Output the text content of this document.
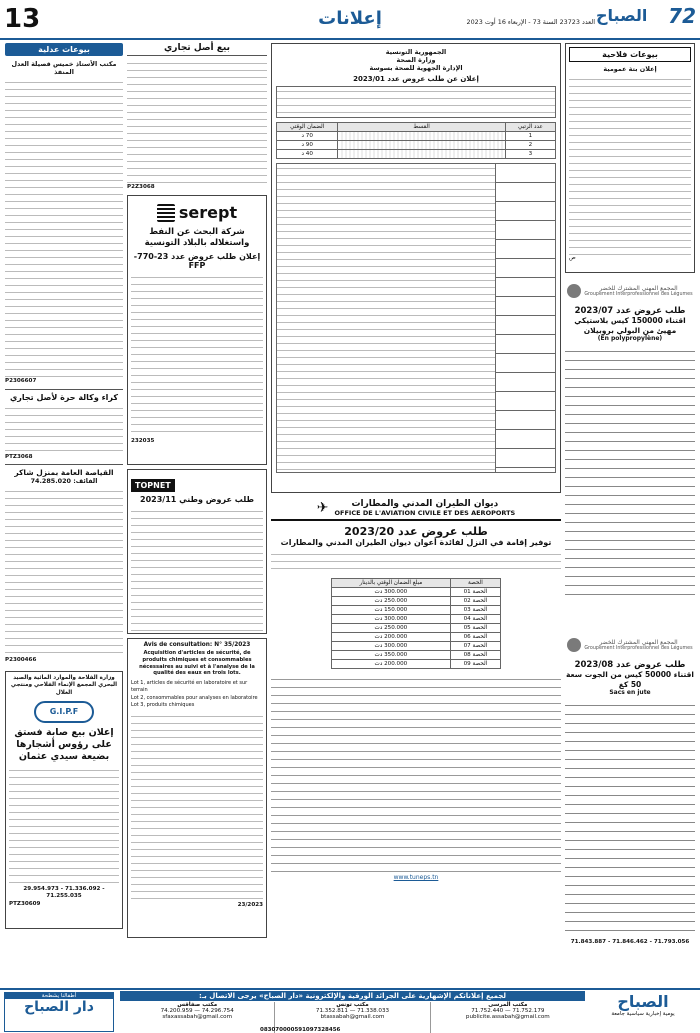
13	إعلانات	العدد 23723 السنة 73 - الإربعاء 16 أوت 2023	72
الصباح
بيوعات عدلية
مكتب الأستاذ خميس قصيلة العدل المنفذ
P2306607
كراء وكالة حرة لأصل تجاري
PTZ3068
القياصة العامة بمنزل شاكر
الفائف: 74.285.020
P2300466
وزارة الفلاحة والموارد المائية والصيد البحري المجمع الإنماء الفلاحي ومنتجي الغلال
G.I.P.F
إعلان بيع صابة فستق على رؤوس أشجارها بضيعة سيدي عثمان
29.954.973 - 71.336.092 - 71.255.035
PTZ30609
بيع أصل تجاري
P2Z3068
serept
شركة البحث عن النفط واستغلاله بالبلاد التونسية
إعلان طلب عروض عدد 23-770-FFP
232035
TOPNET
طلب عروض وطني 2023/11
Avis de consultation: N° 35/2023
Acquisition d'articles de sécurité, de produits chimiques et consommables nécessaires au suivi et à l'analyse de la qualité des eaux en trois lots.
Lot 1, articles de sécurité en laboratoire et sur terrain
Lot 2, consommables pour analyses en laboratoire
Lot 3, produits chimiques
23/2023
الجمهورية التونسية
وزارة الصحة
الإدارة الجهوية للصحة بسوسة
إعلان عن طلب عروض عدد 2023/01
عدد الرتبي	القسط	الضمان الوقتي
1		70 د
2		90 د
3		40 د
✈	ديوان الطيران المدني والمطارات
OFFICE DE L'AVIATION CIVILE ET DES AEROPORTS
طلب عروض عدد 2023/20
توفير إقامة في النزل لفائدة أعوان ديوان الطيران المدني والمطارات
الحصة	مبلغ الضمان الوقتي بالدينار
الحصة 01	300.000 دت
الحصة 02	250.000 دت
الحصة 03	150.000 دت
الحصة 04	300.000 دت
الحصة 05	250.000 دت
الحصة 06	200.000 دت
الحصة 07	300.000 دت
الحصة 08	350.000 دت
الحصة 09	200.000 دت
www.tuneps.tn
بيوعات فلاحية
إعلان بتة عمومية
ص
المجمع المهني المشترك للخضر
Groupement Interprofessionnel des Légumes
طلب عروض عدد 2023/07
اقتناء 150000 كيس بلاستيكي مهيئ من البولي بروبيلان
(En polypropylène)
المجمع المهني المشترك للخضر
Groupement Interprofessionnel des Légumes
طلب عروض عدد 2023/08
اقتناء 50000 كيس من الجوت سعة 50 كغ
Sacs en jute
71.843.887 - 71.846.462 - 71.793.056
لجميع إعلاناتكم الإشهارية على الجرائد الورقية والإلكترونية «دار الصباح» يرجى الاتصال بـ:
أطفالنا يشطحة
دار الصباح	مكتب المرسى
71.752.179 — 71.752.440
publicite.assabah@gmail.com
مكتب تونس
71.338.033 — 71.352.811
btassabah@gmail.com
مكتب صفاقس
74.296.754 — 74.200.959
sfaxassabah@gmail.com
083070000591097328456
الصباح
يومية إخبارية سياسية جامعة
